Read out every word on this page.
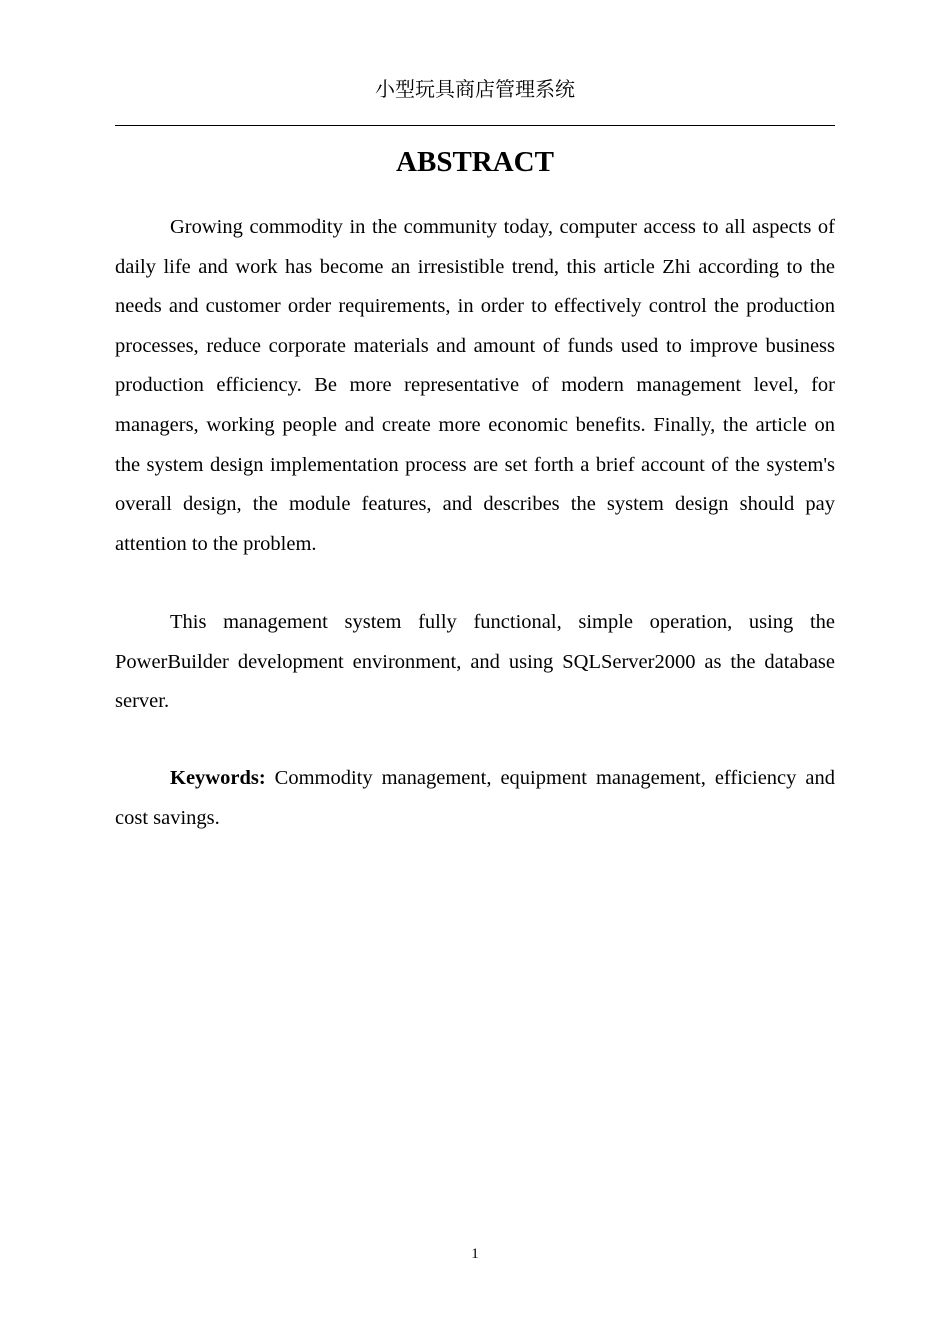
小型玩具商店管理系统
ABSTRACT

Growing commodity in the community today, computer access to all aspects of daily life and work has become an irresistible trend, this article Zhi according to the needs and customer order requirements, in order to effectively control the production processes, reduce corporate materials and amount of funds used to improve business production efficiency. Be more representative of modern management level, for managers, working people and create more economic benefits. Finally, the article on the system design implementation process are set forth a brief account of the system's overall design, the module features, and describes the system design should pay attention to the problem.

This management system fully functional, simple operation, using the PowerBuilder development environment, and using SQLServer2000 as the database server.

Keywords: Commodity management, equipment management, efficiency and cost savings.

1
